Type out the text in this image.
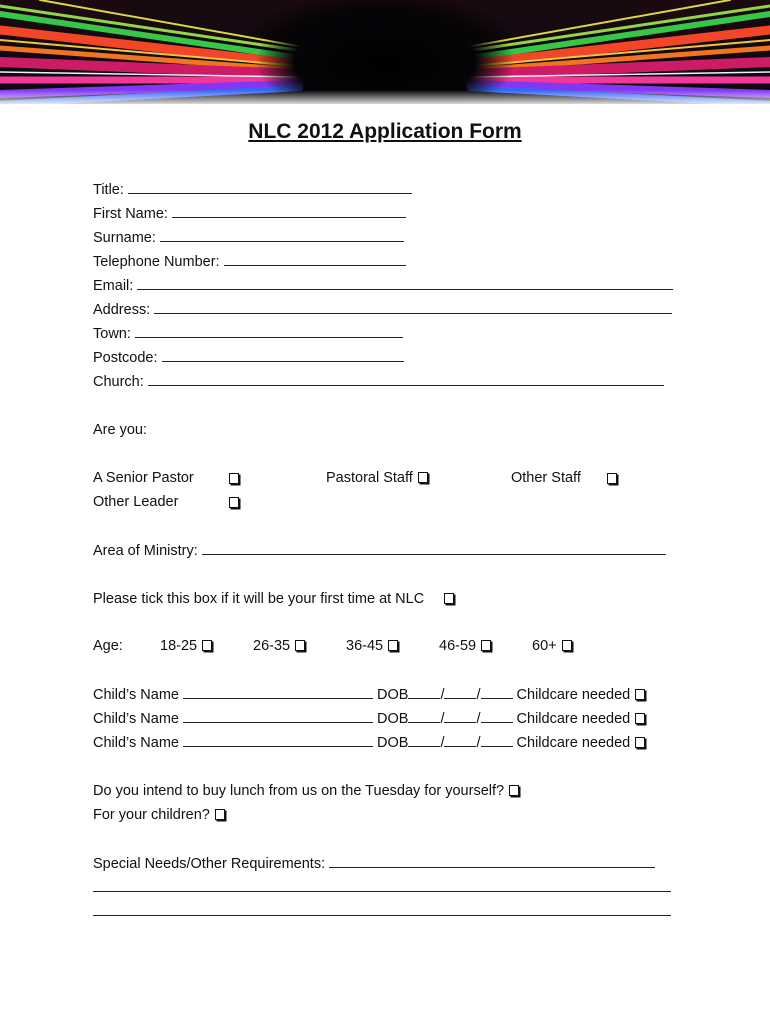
NLC 2012 Application Form
Title:
First Name:
Surname:
Telephone Number:
Email:
Address:
Town:
Postcode:
Church:
Are you:
A Senior Pastor	Pastoral Staff	Other Staff
Other Leader
Area of Ministry:
Please tick this box if it will be your first time at NLC
Age:	18-25	26-35	36-45	46-59	60+
Child’s Name	DOB / / Childcare needed
Child’s Name	DOB / / Childcare needed
Child’s Name	DOB / / Childcare needed
Do you intend to buy lunch from us on the Tuesday for yourself?
For your children?
Special Needs/Other Requirements:
